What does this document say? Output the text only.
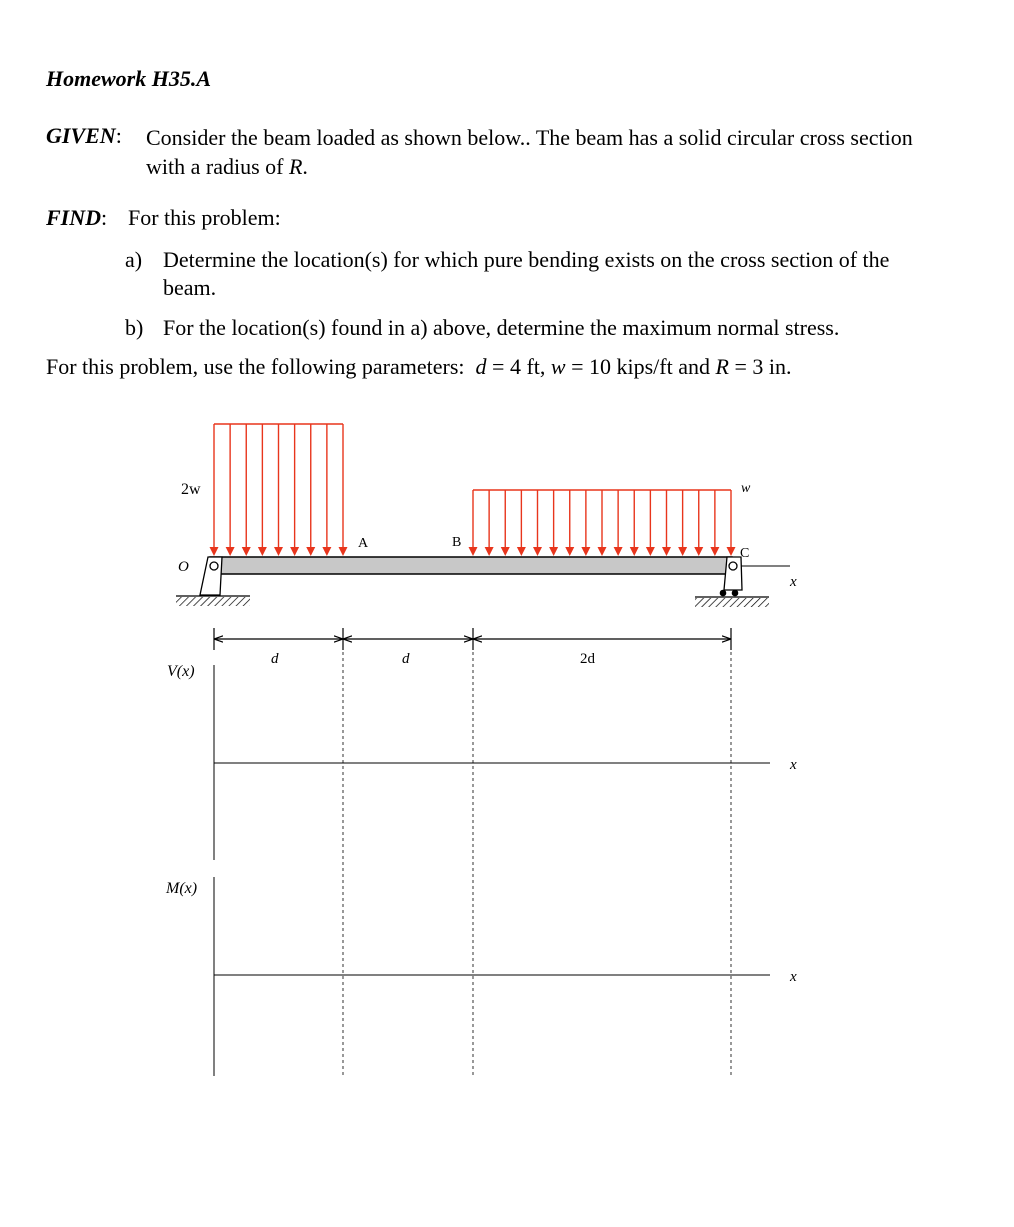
Homework H35.A
GIVEN: Consider the beam loaded as shown below.. The beam has a solid circular cross section with a radius of R.
FIND: For this problem:
a) Determine the location(s) for which pure bending exists on the cross section of the beam.
b) For the location(s) found in a) above, determine the maximum normal stress.
For this problem, use the following parameters: d = 4 ft, w = 10 kips/ft and R = 3 in.
2w	w
x
O
A	B
C
d	d	2d
V(x)
x
M(x)
x
